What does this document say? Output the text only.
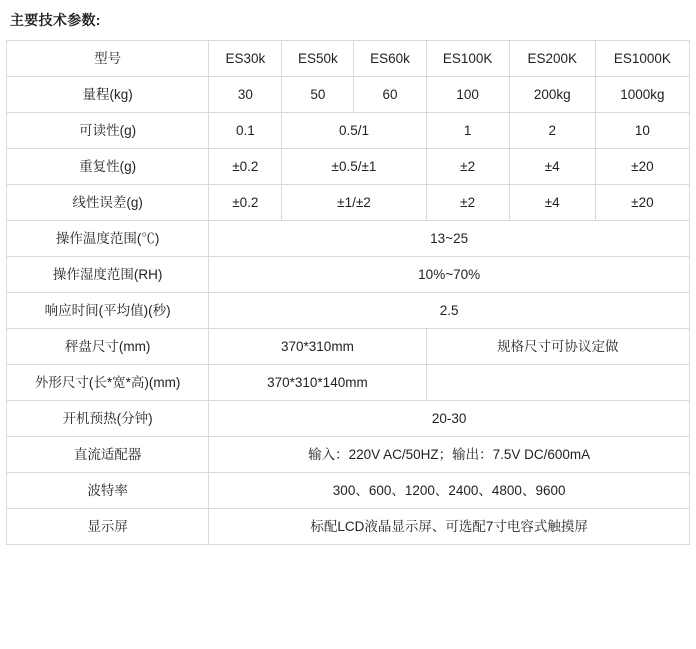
主要技术参数:
型号	ES30k	ES50k	ES60k	ES100K	ES200K	ES1000K
量程(kg)	30	50	60	100	200kg	1000kg
可读性(g)	0.1	0.5/1		1	2	10
重复性(g)	±0.2	±0.5/±1		±2	±4	±20
线性误差(g)	±0.2	±1/±2		±2	±4	±20
操作温度范围(℃)	13~25					
操作湿度范围(RH)	10%~70%					
响应时间(平均值)(秒)	2.5					
秤盘尺寸(mm)	370*310mm			规格尺寸可协议定做		
外形尺寸(长*宽*高)(mm)	370*310*140mm					
开机预热(分钟)	20-30					
直流适配器	输入：220V AC/50HZ；输出：7.5V DC/600mA					
波特率	300、600、1200、2400、4800、9600					
显示屏	标配LCD液晶显示屏、可选配7寸电容式触摸屏					
